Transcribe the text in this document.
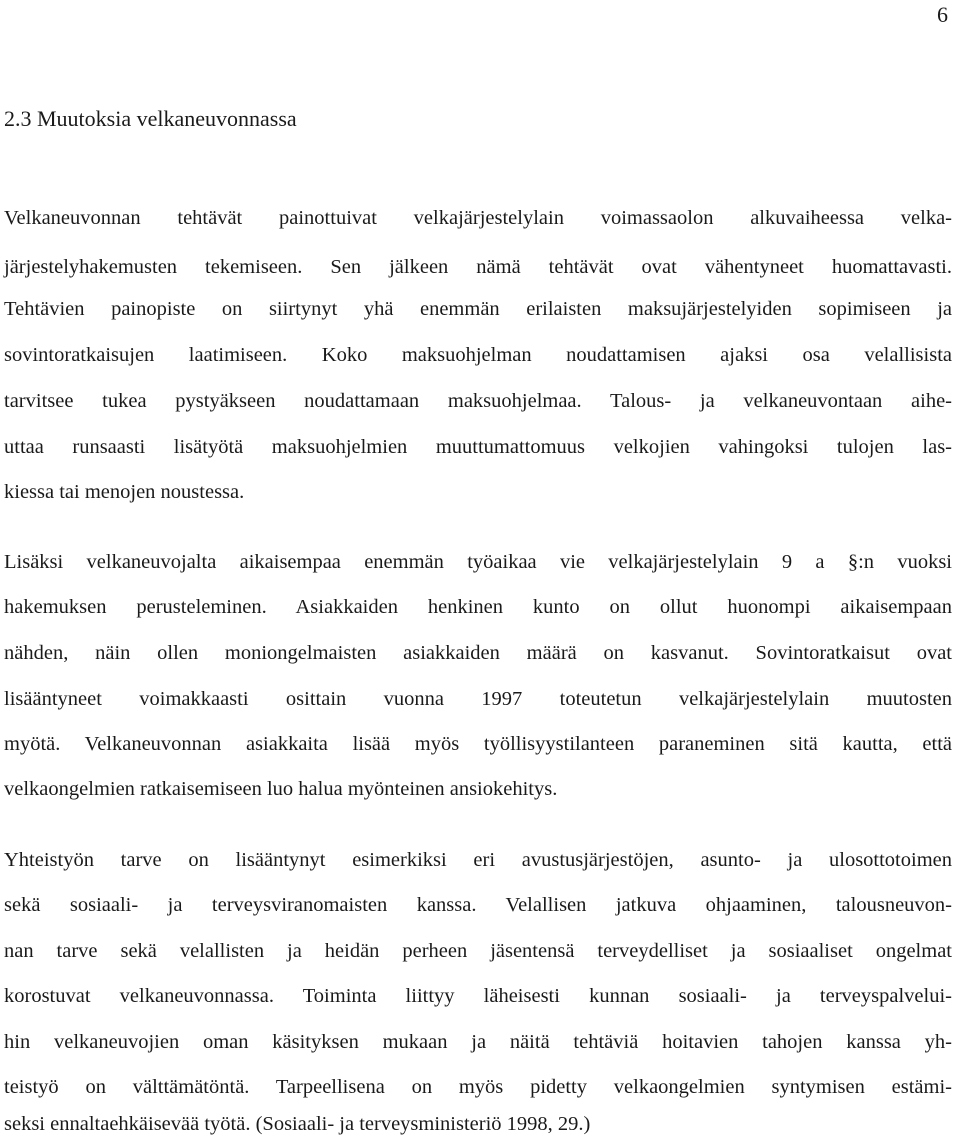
6
2.3 Muutoksia velkaneuvonnassa
Velkaneuvonnan tehtävät painottuivat velkajärjestelylain voimassaolon alkuvaiheessa velka-
järjestelyhakemusten tekemiseen. Sen jälkeen nämä tehtävät ovat vähentyneet huomattavasti.
Tehtävien painopiste on siirtynyt yhä enemmän erilaisten maksujärjestelyiden sopimiseen ja
sovintoratkaisujen laatimiseen. Koko maksuohjelman noudattamisen ajaksi osa velallisista
tarvitsee tukea pystyäkseen noudattamaan maksuohjelmaa. Talous- ja velkaneuvontaan aihe-
uttaa runsaasti lisätyötä maksuohjelmien muuttumattomuus velkojien vahingoksi tulojen las-
kiessa tai menojen noustessa.
Lisäksi velkaneuvojalta aikaisempaa enemmän työaikaa vie velkajärjestelylain 9 a §:n vuoksi
hakemuksen perusteleminen. Asiakkaiden henkinen kunto on ollut huonompi aikaisempaan
nähden, näin ollen moniongelmaisten asiakkaiden määrä on kasvanut. Sovintoratkaisut ovat
lisääntyneet voimakkaasti osittain vuonna 1997 toteutetun velkajärjestelylain muutosten
myötä. Velkaneuvonnan asiakkaita lisää myös työllisyystilanteen paraneminen sitä kautta, että
velkaongelmien ratkaisemiseen luo halua myönteinen ansiokehitys.
Yhteistyön tarve on lisääntynyt esimerkiksi eri avustusjärjestöjen, asunto- ja ulosottotoimen
sekä sosiaali- ja terveysviranomaisten kanssa. Velallisen jatkuva ohjaaminen, talousneuvon-
nan tarve sekä velallisten ja heidän perheen jäsentensä terveydelliset ja sosiaaliset ongelmat
korostuvat velkaneuvonnassa. Toiminta liittyy läheisesti kunnan sosiaali- ja terveyspalvelui-
hin velkaneuvojien oman käsityksen mukaan ja näitä tehtäviä hoitavien tahojen kanssa yh-
teistyö on välttämätöntä. Tarpeellisena on myös pidetty velkaongelmien syntymisen estämi-
seksi ennaltaehkäisevää työtä. (Sosiaali- ja terveysministeriö 1998, 29.)
